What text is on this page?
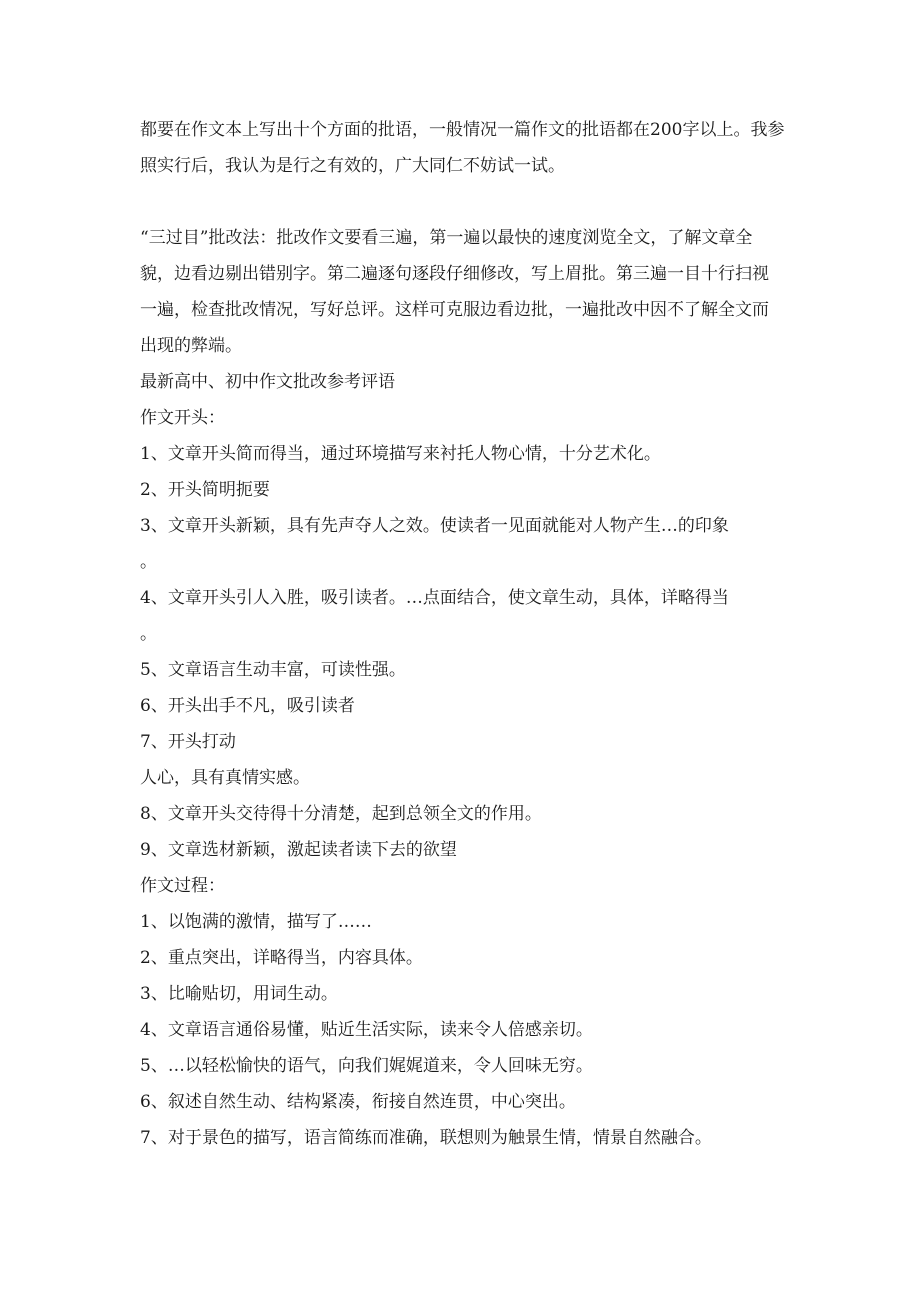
都要在作文本上写出十个方面的批语，一般情况一篇作文的批语都在200字以上。我参照实行后，我认为是行之有效的，广大同仁不妨试一试。

“三过目”批改法：批改作文要看三遍，第一遍以最快的速度浏览全文，了解文章全貌，边看边剔出错别字。第二遍逐句逐段仔细修改，写上眉批。第三遍一目十行扫视一遍，检查批改情况，写好总评。这样可克服边看边批，一遍批改中因不了解全文而出现的弊端。

最新高中、初中作文批改参考评语

作文开头：

1、文章开头简而得当，通过环境描写来衬托人物心情，十分艺术化。

2、开头简明扼要

3、文章开头新颖，具有先声夺人之效。使读者一见面就能对人物产生…的印象

。

4、文章开头引人入胜，吸引读者。…点面结合，使文章生动，具体，详略得当

。

5、文章语言生动丰富，可读性强。

6、开头出手不凡，吸引读者

7、开头打动

人心，具有真情实感。

8、文章开头交待得十分清楚，起到总领全文的作用。

9、文章选材新颖，激起读者读下去的欲望

作文过程：

1、以饱满的激情，描写了……

2、重点突出，详略得当，内容具体。

3、比喻贴切，用词生动。

4、文章语言通俗易懂，贴近生活实际，读来令人倍感亲切。

5、…以轻松愉快的语气，向我们娓娓道来，令人回味无穷。

6、叙述自然生动、结构紧凑，衔接自然连贯，中心突出。

7、对于景色的描写，语言简练而准确，联想则为触景生情，情景自然融合。
